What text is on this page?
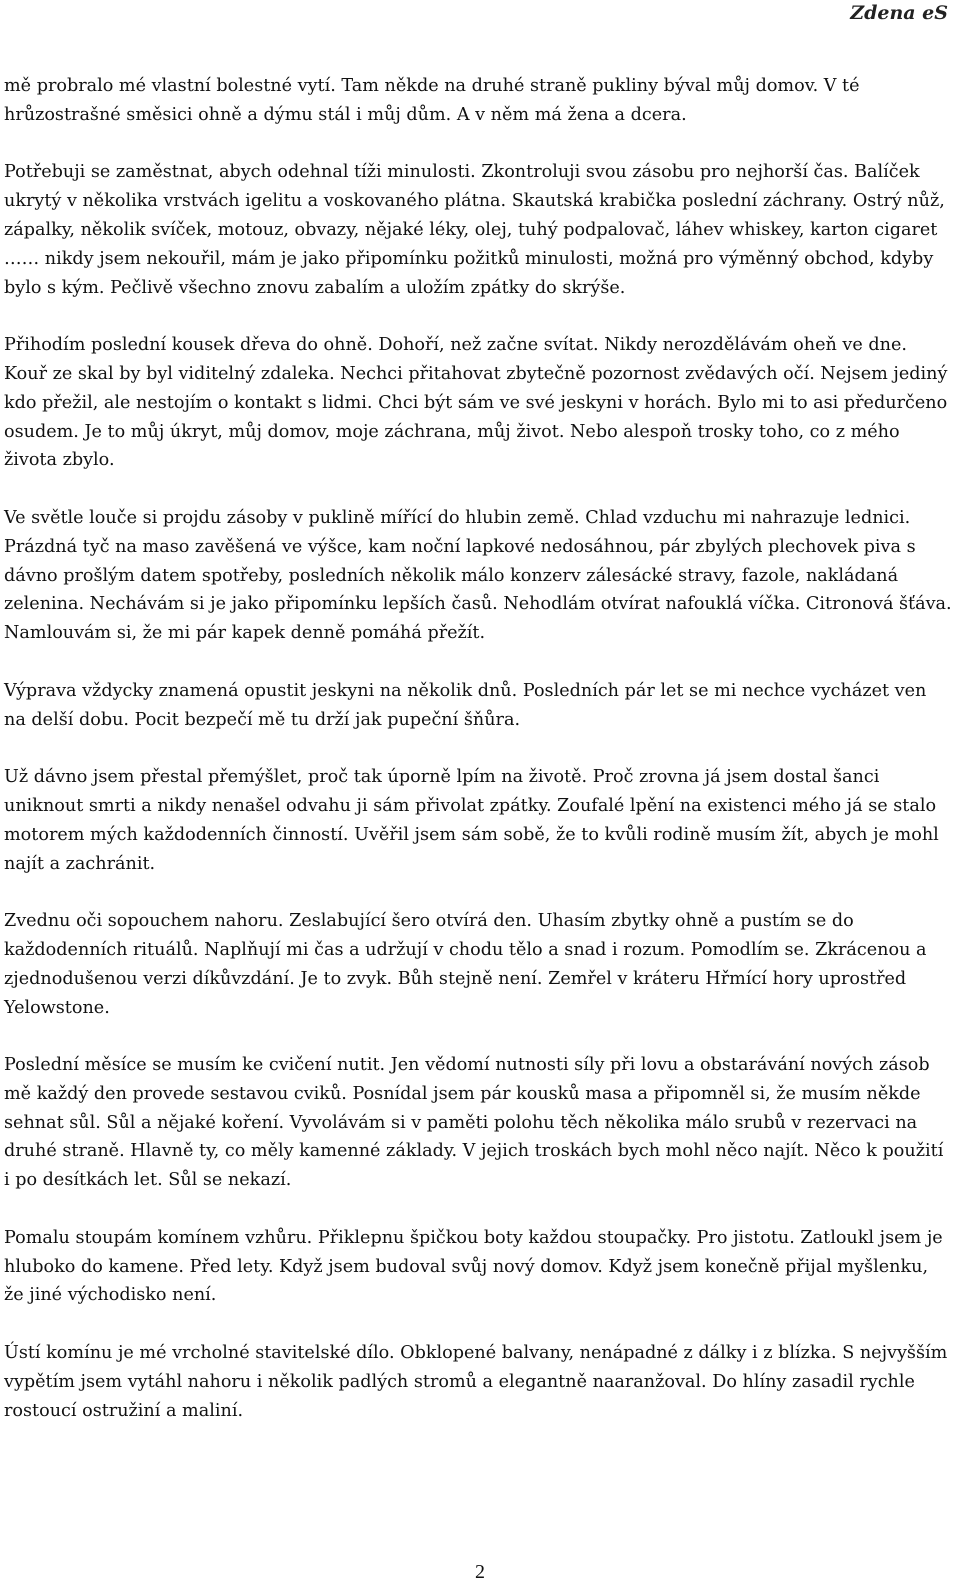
Zdena eS

mě probralo mé vlastní bolestné vytí. Tam někde na druhé straně pukliny býval můj domov. V té hrůzostrašné směsici ohně a dýmu stál i můj dům. A v něm má žena a dcera.

Potřebuji se zaměstnat, abych odehnal tíži minulosti. Zkontroluji svou zásobu pro nejhorší čas. Balíček ukrytý v několika vrstvách igelitu a voskovaného plátna. Skautská krabička poslední záchrany. Ostrý nůž, zápalky, několik svíček, motouz, obvazy, nějaké léky, olej, tuhý podpalovač, láhev whiskey, karton cigaret …… nikdy jsem nekouřil, mám je jako připomínku požitků minulosti, možná pro výměnný obchod, kdyby bylo s kým. Pečlivě všechno znovu zabalím a uložím zpátky do skrýše.

Přihodím poslední kousek dřeva do ohně. Dohoří, než začne svítat. Nikdy nerozdělávám oheň ve dne. Kouř ze skal by byl viditelný zdaleka. Nechci přitahovat zbytečně pozornost zvědavých očí. Nejsem jediný kdo přežil, ale nestojím o kontakt s lidmi. Chci být sám ve své jeskyni v horách. Bylo mi to asi předurčeno osudem. Je to můj úkryt, můj domov, moje záchrana, můj život. Nebo alespoň trosky toho, co z mého života zbylo.

Ve světle louče si projdu zásoby v puklině mířící do hlubin země. Chlad vzduchu mi nahrazuje lednici. Prázdná tyč na maso zavěšená ve výšce, kam noční lapkové nedosáhnou, pár zbylých plechovek piva s dávno prošlým datem spotřeby, posledních několik málo konzerv zálesácké stravy, fazole, nakládaná zelenina. Nechávám si je jako připomínku lepších časů. Nehodlám otvírat nafouklá víčka. Citronová šťáva. Namlouvám si, že mi pár kapek denně pomáhá přežít.

Výprava vždycky znamená opustit jeskyni na několik dnů. Posledních pár let se mi nechce vycházet ven na delší dobu. Pocit bezpečí mě tu drží jak pupeční šňůra.

Už dávno jsem přestal přemýšlet, proč tak úporně lpím na životě. Proč zrovna já jsem dostal šanci uniknout smrti a nikdy nenašel odvahu ji sám přivolat zpátky. Zoufalé lpění na existenci mého já se stalo motorem mých každodenních činností. Uvěřil jsem sám sobě, že to kvůli rodině musím žít, abych je mohl najít a zachránit.

Zvednu oči sopouchem nahoru. Zeslabující šero otvírá den. Uhasím zbytky ohně a pustím se do každodenních rituálů. Naplňují mi čas a udržují v chodu tělo a snad i rozum. Pomodlím se. Zkrácenou a zjednodušenou verzi díkůvzdání. Je to zvyk. Bůh stejně není. Zemřel v kráteru Hřmící hory uprostřed Yelowstone.

Poslední měsíce se musím ke cvičení nutit. Jen vědomí nutnosti síly při lovu a obstarávání nových zásob mě každý den provede sestavou cviků. Posnídal jsem pár kousků masa a připomněl si, že musím někde sehnat sůl. Sůl a nějaké koření. Vyvolávám si v paměti polohu těch několika málo srubů v rezervaci na druhé straně. Hlavně ty, co měly kamenné základy. V jejich troskách bych mohl něco najít. Něco k použití i po desítkách let. Sůl se nekazí.

Pomalu stoupám komínem vzhůru. Přiklepnu špičkou boty každou stoupačky. Pro jistotu. Zatloukl jsem je hluboko do kamene. Před lety. Když jsem budoval svůj nový domov. Když jsem konečně přijal myšlenku, že jiné východisko není.

Ústí komínu je mé vrcholné stavitelské dílo. Obklopené balvany, nenápadné z dálky i z blízka. S nejvyšším vypětím jsem vytáhl nahoru i několik padlých stromů a elegantně naaranžoval. Do hlíny zasadil rychle rostoucí ostružiní a maliní.

2
